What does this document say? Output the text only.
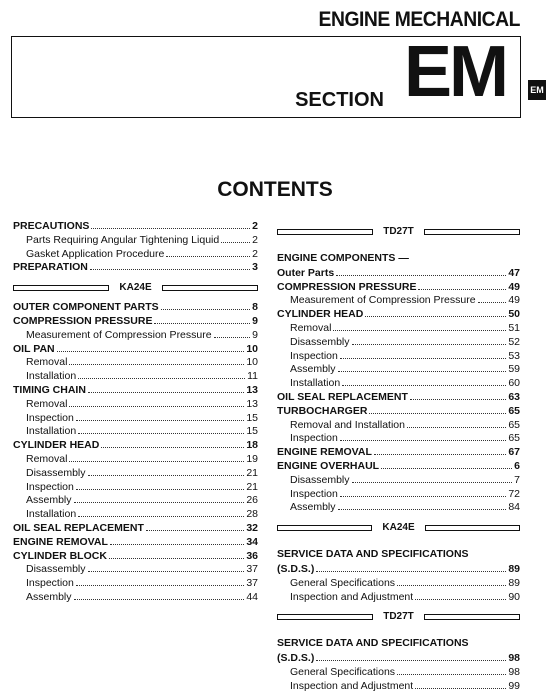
ENGINE MECHANICAL
SECTION EM	EM
CONTENTS
PRECAUTIONS	2
Parts Requiring Angular Tightening Liquid	2
Gasket Application Procedure	2
PREPARATION	3
KA24E
OUTER COMPONENT PARTS	8
COMPRESSION PRESSURE	9
Measurement of Compression Pressure	9
OIL PAN	10
Removal	10
Installation	11
TIMING CHAIN	13
Removal	13
Inspection	15
Installation	15
CYLINDER HEAD	18
Removal	19
Disassembly	21
Inspection	21
Assembly	26
Installation	28
OIL SEAL REPLACEMENT	32
ENGINE REMOVAL	34
CYLINDER BLOCK	36
Disassembly	37
Inspection	37
Assembly	44
TD27T
ENGINE COMPONENTS —
Outer Parts	47
COMPRESSION PRESSURE	49
Measurement of Compression Pressure	49
CYLINDER HEAD	50
Removal	51
Disassembly	52
Inspection	53
Assembly	59
Installation	60
OIL SEAL REPLACEMENT	63
TURBOCHARGER	65
Removal and Installation	65
Inspection	65
ENGINE REMOVAL	67
ENGINE OVERHAUL	6
Disassembly	7
Inspection	72
Assembly	84
KA24E
SERVICE DATA AND SPECIFICATIONS
(S.D.S.)	89
General Specifications	89
Inspection and Adjustment	90
TD27T
SERVICE DATA AND SPECIFICATIONS
(S.D.S.)	98
General Specifications	98
Inspection and Adjustment	99
